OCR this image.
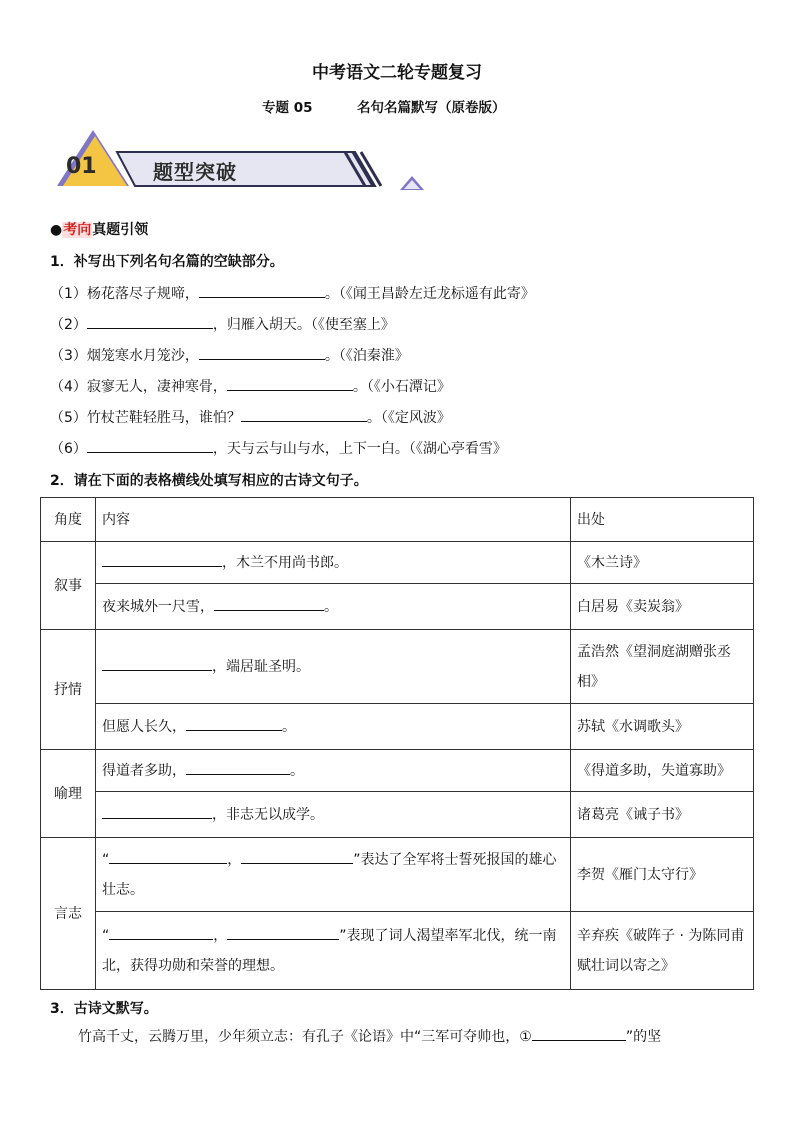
中考语文二轮专题复习
专题 05	名句名篇默写（原卷版）
01	题型突破
●考向真题引领
1．补写出下列名句名篇的空缺部分。
（1）杨花落尽子规啼，	。（《闻王昌龄左迁龙标遥有此寄》
（2）	，归雁入胡天。（《使至塞上》
（3）烟笼寒水月笼沙，	。（《泊秦淮》
（4）寂寥无人，凄神寒骨，	。（《小石潭记》
（5）竹杖芒鞋轻胜马，谁怕？	。（《定风波》
（6）	，天与云与山与水，上下一白。（《湖心亭看雪》
2．请在下面的表格横线处填写相应的古诗文句子。
角度	内容	出处
叙事	，木兰不用尚书郎。	《木兰诗》
	夜来城外一尺雪， 。	白居易《卖炭翁》
抒情	，端居耻圣明。	孟浩然《望洞庭湖赠张丞相》
	但愿人长久， 。	苏轼《水调歌头》
喻理	得道者多助， 。	《得道多助，失道寡助》
	，非志无以成学。	诸葛亮《诫子书》
言志	“ ， ”表达了全军将士誓死报国的雄心壮志。	李贺《雁门太守行》
	“ ， ”表现了词人渴望率军北伐，统一南北，获得功勋和荣誉的理想。	辛弃疾《破阵子 · 为陈同甫赋壮词以寄之》
3．古诗文默写。
竹高千丈，云腾万里，少年须立志：有孔子《论语》中“三军可夺帅也，①	”的坚
